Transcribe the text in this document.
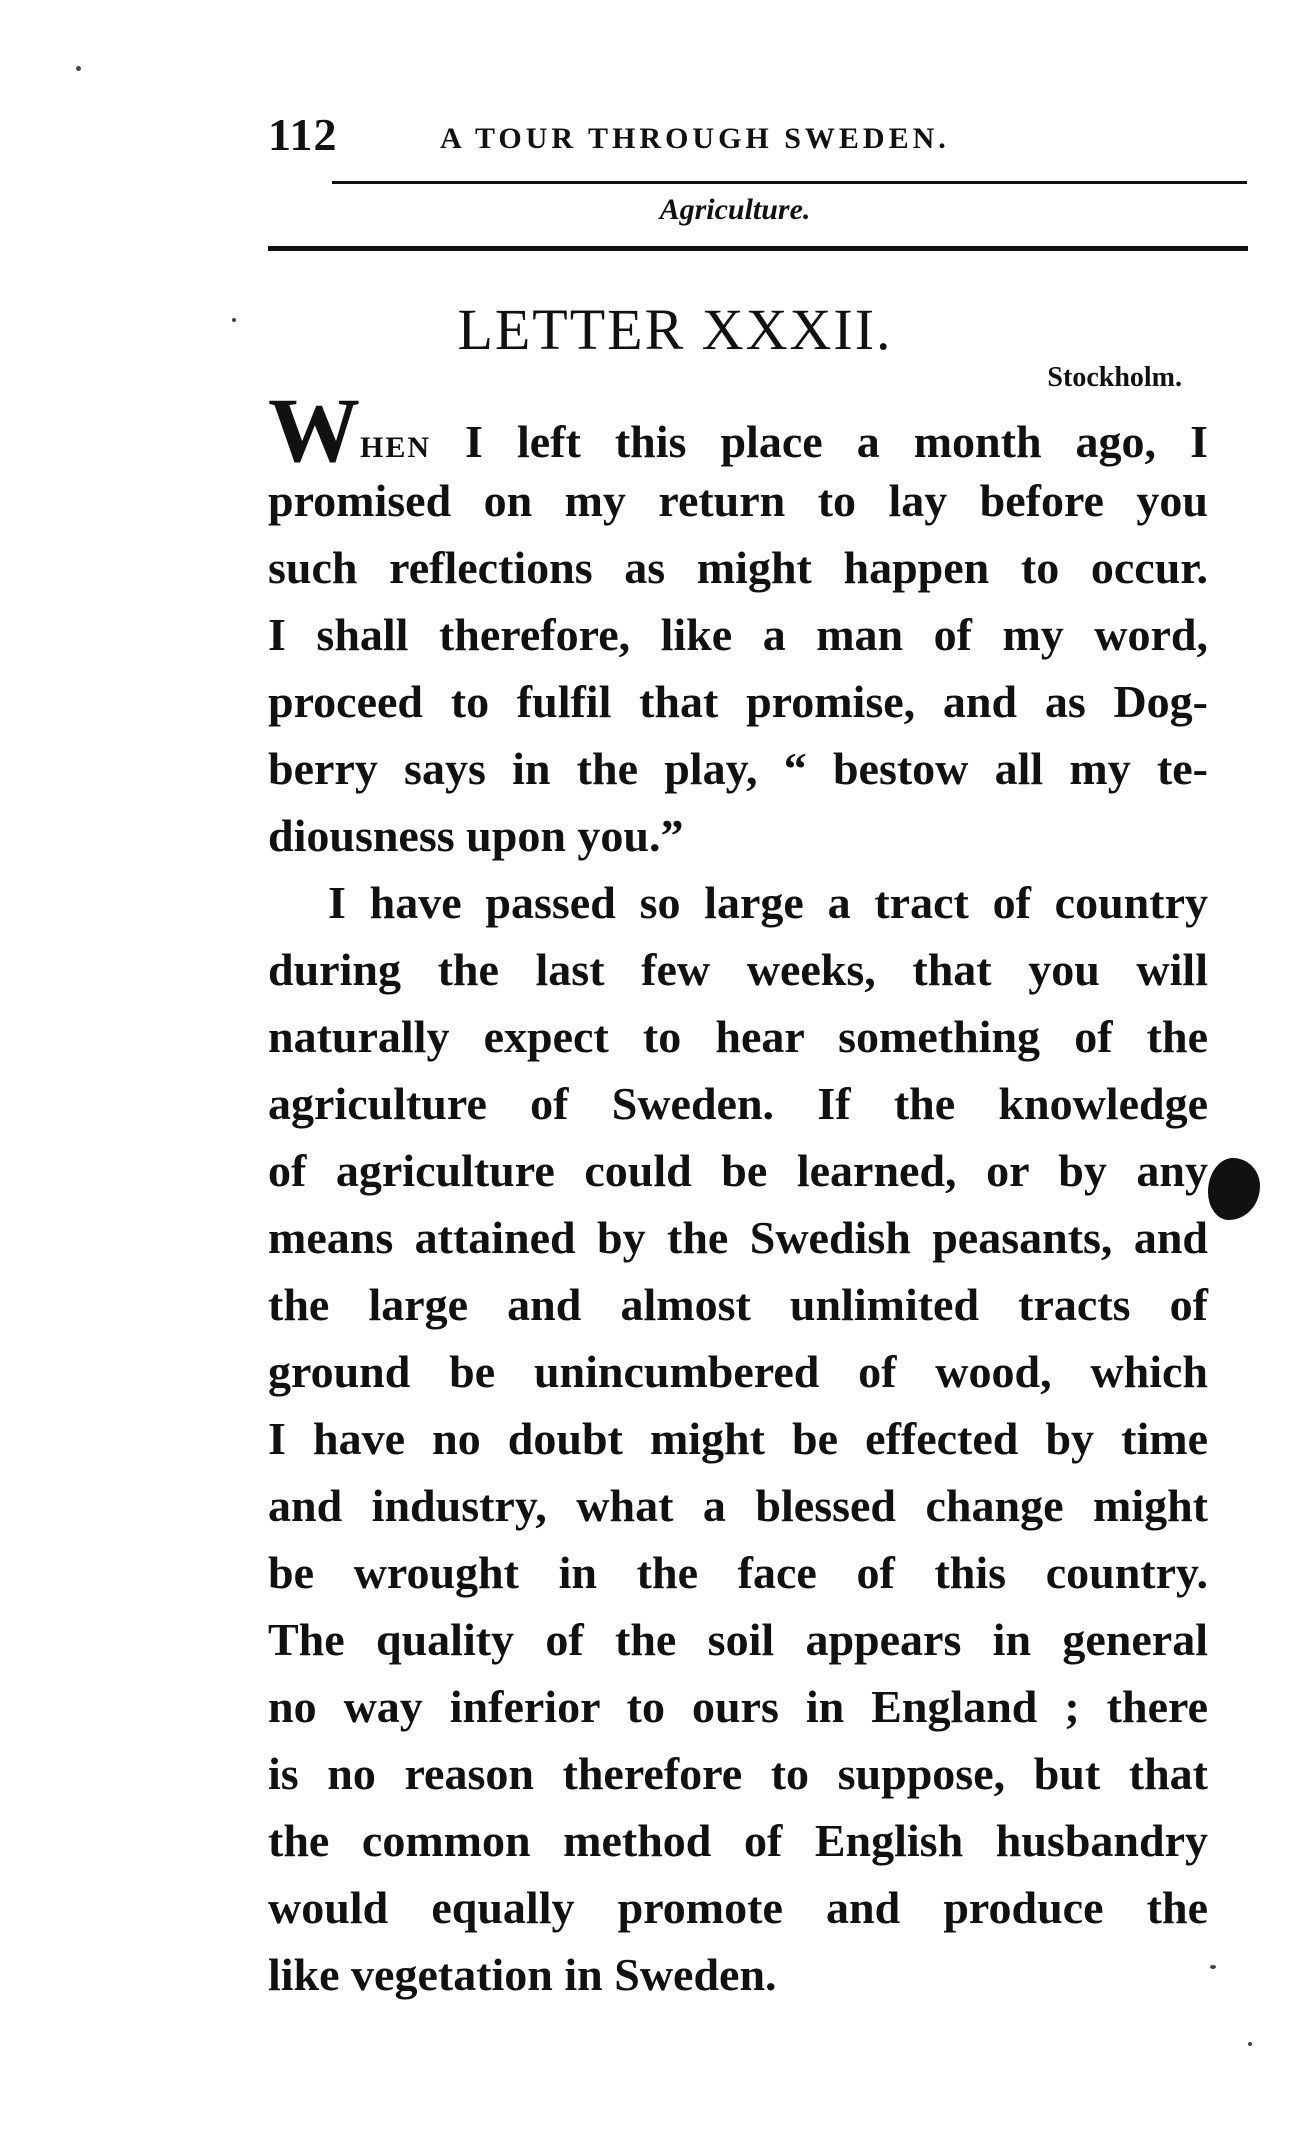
112	A TOUR THROUGH SWEDEN.
Agriculture.
LETTER XXXII.
Stockholm.
WHEN I left this place a month ago, I
promised on my return to lay before you
such reflections as might happen to occur.
I shall therefore, like a man of my word,
proceed to fulfil that promise, and as Dog-
berry says in the play, “ bestow all my te-
diousness upon you.”
I have passed so large a tract of country
during the last few weeks, that you will
naturally expect to hear something of the
agriculture of Sweden. If the knowledge
of agriculture could be learned, or by any
means attained by the Swedish peasants, and
the large and almost unlimited tracts of
ground be unincumbered of wood, which
I have no doubt might be effected by time
and industry, what a blessed change might
be wrought in the face of this country.
The quality of the soil appears in general
no way inferior to ours in England ; there
is no reason therefore to suppose, but that
the common method of English husbandry
would equally promote and produce the
like vegetation in Sweden.
